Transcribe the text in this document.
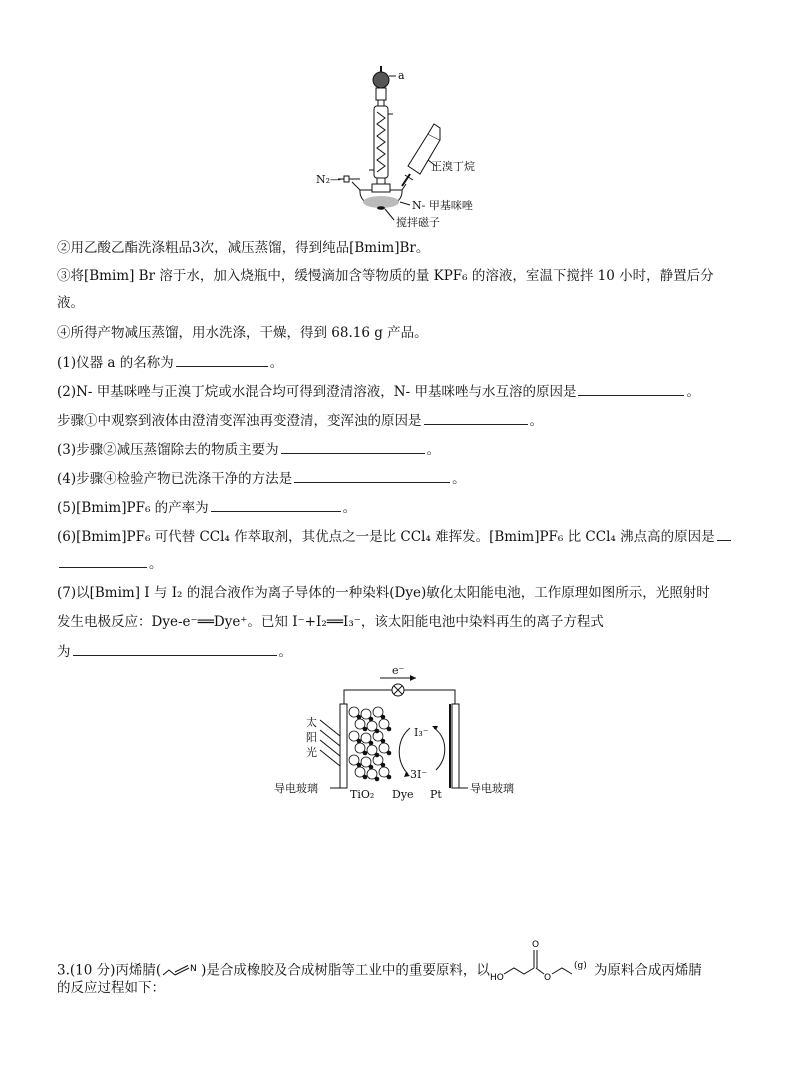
a
正溴丁烷
N₂—
N- 甲基咪唑
搅拌磁子
②用乙酸乙酯洗涤粗品3次，减压蒸馏，得到纯品[Bmim]Br。
③将[Bmim] Br 溶于水，加入烧瓶中，缓慢滴加含等物质的量 KPF₆ 的溶液，室温下搅拌 10 小时，静置后分
液。
④所得产物减压蒸馏，用水洗涤，干燥，得到 68.16 g 产品。
(1)仪器 a 的名称为	。
(2)N- 甲基咪唑与正溴丁烷或水混合均可得到澄清溶液，N- 甲基咪唑与水互溶的原因是	。
步骤①中观察到液体由澄清变浑浊再变澄清，变浑浊的原因是	。
(3)步骤②减压蒸馏除去的物质主要为	。
(4)步骤④检验产物已洗涤干净的方法是	。
(5)[Bmim]PF₆ 的产率为	。
(6)[Bmim]PF₆ 可代替 CCl₄ 作萃取剂，其优点之一是比 CCl₄ 难挥发。[Bmim]PF₆ 比 CCl₄ 沸点高的原因是
。
(7)以[Bmim] I 与 I₂ 的混合液作为离子导体的一种染料(Dye)敏化太阳能电池，工作原理如图所示，光照射时
发生电极反应：Dye-e⁻══Dye⁺。已知 I⁻+I₂══I₃⁻，该太阳能电池中染料再生的离子方程式
为	。
e⁻
太
阳
光
I₃⁻
3I⁻
导电玻璃	TiO₂ Dye Pt	导电玻璃
3.(10 分)丙烯腈(	N )是合成橡胶及合成树脂等工业中的重要原料，以 HO
O
O
(g) 为原料合成丙烯腈
的反应过程如下：
